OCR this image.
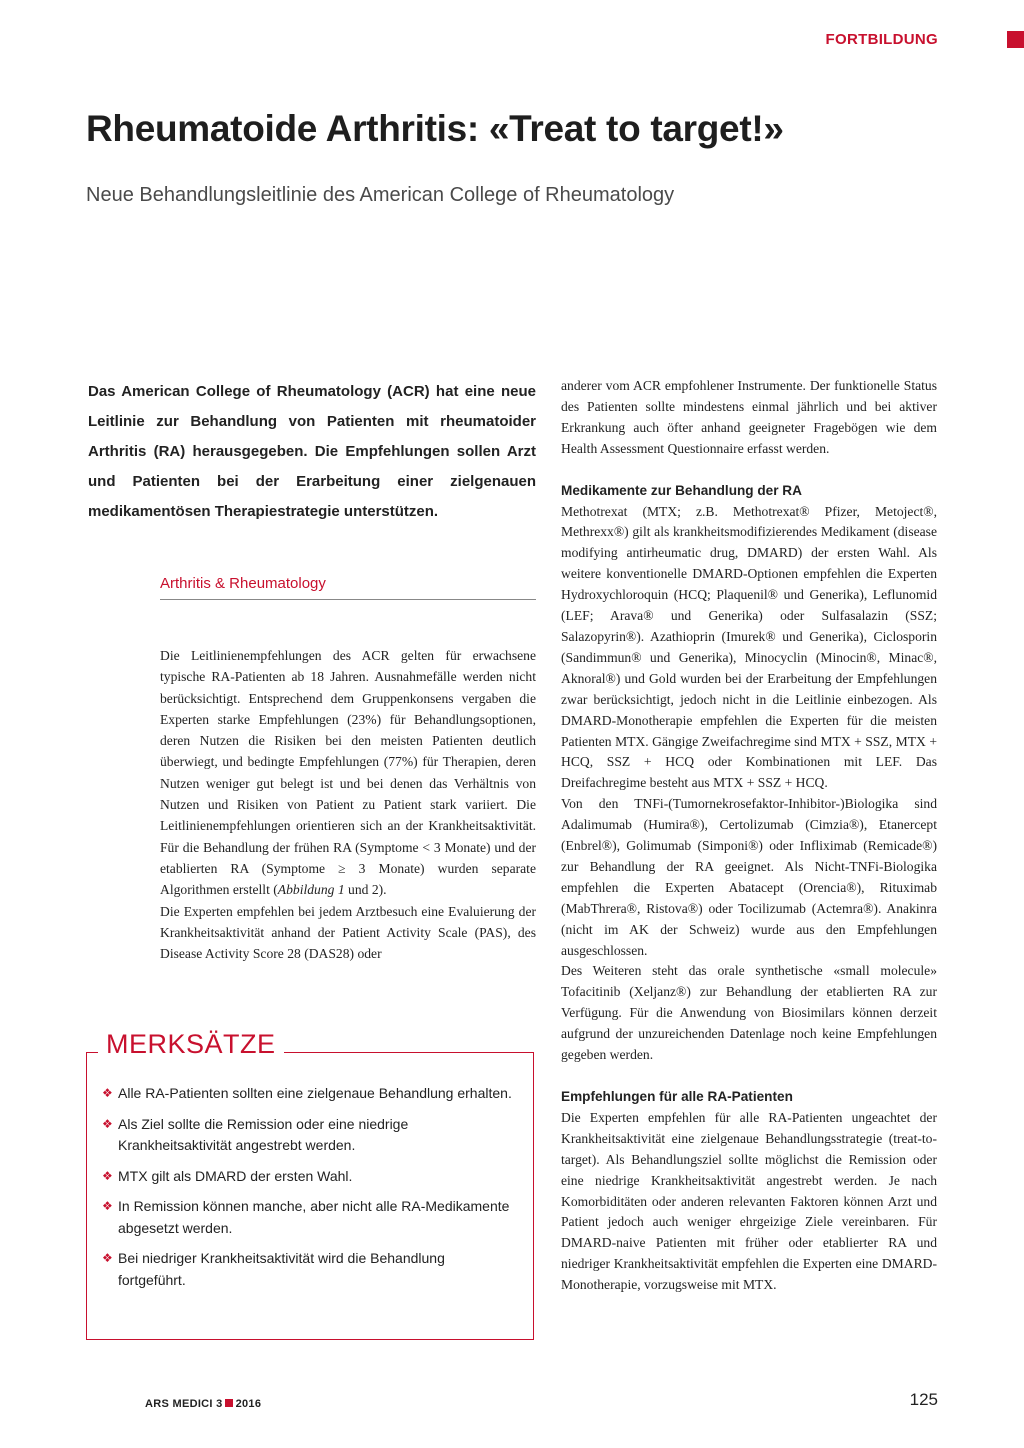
FORTBILDUNG
Rheumatoide Arthritis: «Treat to target!»
Neue Behandlungsleitlinie des American College of Rheumatology
Das American College of Rheumatology (ACR) hat eine neue Leitlinie zur Behandlung von Patienten mit rheumatoider Arthritis (RA) herausgegeben. Die Empfehlungen sollen Arzt und Patienten bei der Erarbeitung einer zielgenauen medikamentösen Therapiestrategie unterstützen.
Arthritis & Rheumatology

Die Leitlinienempfehlungen des ACR gelten für erwachsene typische RA-Patienten ab 18 Jahren. Ausnahmefälle werden nicht berücksichtigt. Entsprechend dem Gruppenkonsens vergaben die Experten starke Empfehlungen (23%) für Behandlungsoptionen, deren Nutzen die Risiken bei den meisten Patienten deutlich überwiegt, und bedingte Empfehlungen (77%) für Therapien, deren Nutzen weniger gut belegt ist und bei denen das Verhältnis von Nutzen und Risiken von Patient zu Patient stark variiert. Die Leitlinienempfehlungen orientieren sich an der Krankheitsaktivität. Für die Behandlung der frühen RA (Symptome < 3 Monate) und der etablierten RA (Symptome ≥ 3 Monate) wurden separate Algorithmen erstellt (Abbildung 1 und 2).

Die Experten empfehlen bei jedem Arztbesuch eine Evaluierung der Krankheitsaktivität anhand der Patient Activity Scale (PAS), des Disease Activity Score 28 (DAS28) oder

MERKSÄTZE
❖ Alle RA-Patienten sollten eine zielgenaue Behandlung erhalten.
❖ Als Ziel sollte die Remission oder eine niedrige Krankheitsaktivität angestrebt werden.
❖ MTX gilt als DMARD der ersten Wahl.
❖ In Remission können manche, aber nicht alle RA-Medikamente abgesetzt werden.
❖ Bei niedriger Krankheitsaktivität wird die Behandlung fortgeführt.

anderer vom ACR empfohlener Instrumente. Der funktionelle Status des Patienten sollte mindestens einmal jährlich und bei aktiver Erkrankung auch öfter anhand geeigneter Fragebögen wie dem Health Assessment Questionnaire erfasst werden.

Medikamente zur Behandlung der RA

Methotrexat (MTX; z.B. Methotrexat® Pfizer, Metoject®, Methrexx®) gilt als krankheitsmodifizierendes Medikament (disease modifying antirheumatic drug, DMARD) der ersten Wahl. Als weitere konventionelle DMARD-Optionen empfehlen die Experten Hydroxychloroquin (HCQ; Plaquenil® und Generika), Leflunomid (LEF; Arava® und Generika) oder Sulfasalazin (SSZ; Salazopyrin®). Azathioprin (Imurek® und Generika), Ciclosporin (Sandimmun® und Generika), Minocyclin (Minocin®, Minac®, Aknoral®) und Gold wurden bei der Erarbeitung der Empfehlungen zwar berücksichtigt, jedoch nicht in die Leitlinie einbezogen. Als DMARD-Monotherapie empfehlen die Experten für die meisten Patienten MTX. Gängige Zweifachregime sind MTX + SSZ, MTX + HCQ, SSZ + HCQ oder Kombinationen mit LEF. Das Dreifachregime besteht aus MTX + SSZ + HCQ.

Von den TNFi-(Tumornekrosefaktor-Inhibitor-)Biologika sind Adalimumab (Humira®), Certolizumab (Cimzia®), Etanercept (Enbrel®), Golimumab (Simponi®) oder Infliximab (Remicade®) zur Behandlung der RA geeignet. Als Nicht-TNFi-Biologika empfehlen die Experten Abatacept (Orencia®), Rituximab (MabThrera®, Ristova®) oder Tocilizumab (Actemra®). Anakinra (nicht im AK der Schweiz) wurde aus den Empfehlungen ausgeschlossen.

Des Weiteren steht das orale synthetische «small molecule» Tofacitinib (Xeljanz®) zur Behandlung der etablierten RA zur Verfügung. Für die Anwendung von Biosimilars können derzeit aufgrund der unzureichenden Datenlage noch keine Empfehlungen gegeben werden.

Empfehlungen für alle RA-Patienten

Die Experten empfehlen für alle RA-Patienten ungeachtet der Krankheitsaktivität eine zielgenaue Behandlungsstrategie (treat-to-target). Als Behandlungsziel sollte möglichst die Remission oder eine niedrige Krankheitsaktivität angestrebt werden. Je nach Komorbiditäten oder anderen relevanten Faktoren können Arzt und Patient jedoch auch weniger ehrgeizige Ziele vereinbaren. Für DMARD-naive Patienten mit früher oder etablierter RA und niedriger Krankheitsaktivität empfehlen die Experten eine DMARD-Monotherapie, vorzugsweise mit MTX.

ARS MEDICI 3 2016	125
